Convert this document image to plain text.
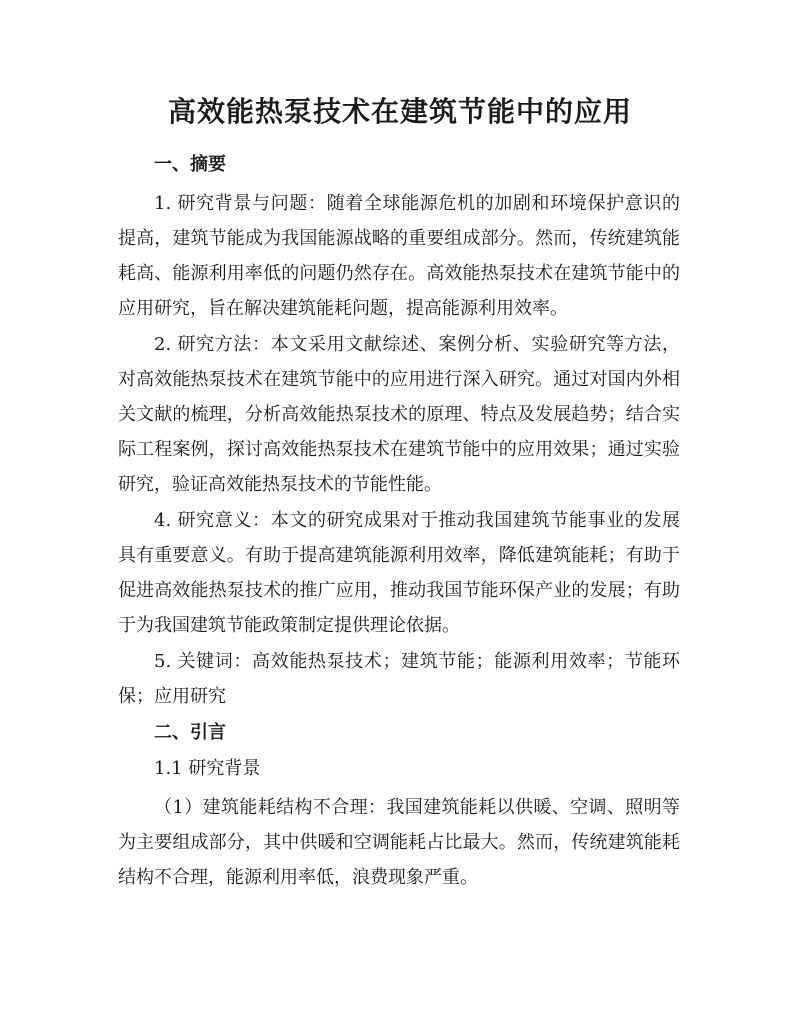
高效能热泵技术在建筑节能中的应用

一、摘要

1. 研究背景与问题：随着全球能源危机的加剧和环境保护意识的提高，建筑节能成为我国能源战略的重要组成部分。然而，传统建筑能耗高、能源利用率低的问题仍然存在。高效能热泵技术在建筑节能中的应用研究，旨在解决建筑能耗问题，提高能源利用效率。

2. 研究方法：本文采用文献综述、案例分析、实验研究等方法，对高效能热泵技术在建筑节能中的应用进行深入研究。通过对国内外相关文献的梳理，分析高效能热泵技术的原理、特点及发展趋势；结合实际工程案例，探讨高效能热泵技术在建筑节能中的应用效果；通过实验研究，验证高效能热泵技术的节能性能。

4. 研究意义：本文的研究成果对于推动我国建筑节能事业的发展具有重要意义。有助于提高建筑能源利用效率，降低建筑能耗；有助于促进高效能热泵技术的推广应用，推动我国节能环保产业的发展；有助于为我国建筑节能政策制定提供理论依据。

5. 关键词：高效能热泵技术；建筑节能；能源利用效率；节能环保；应用研究

二、引言

1.1 研究背景

（1）建筑能耗结构不合理：我国建筑能耗以供暖、空调、照明等为主要组成部分，其中供暖和空调能耗占比最大。然而，传统建筑能耗结构不合理，能源利用率低，浪费现象严重。
